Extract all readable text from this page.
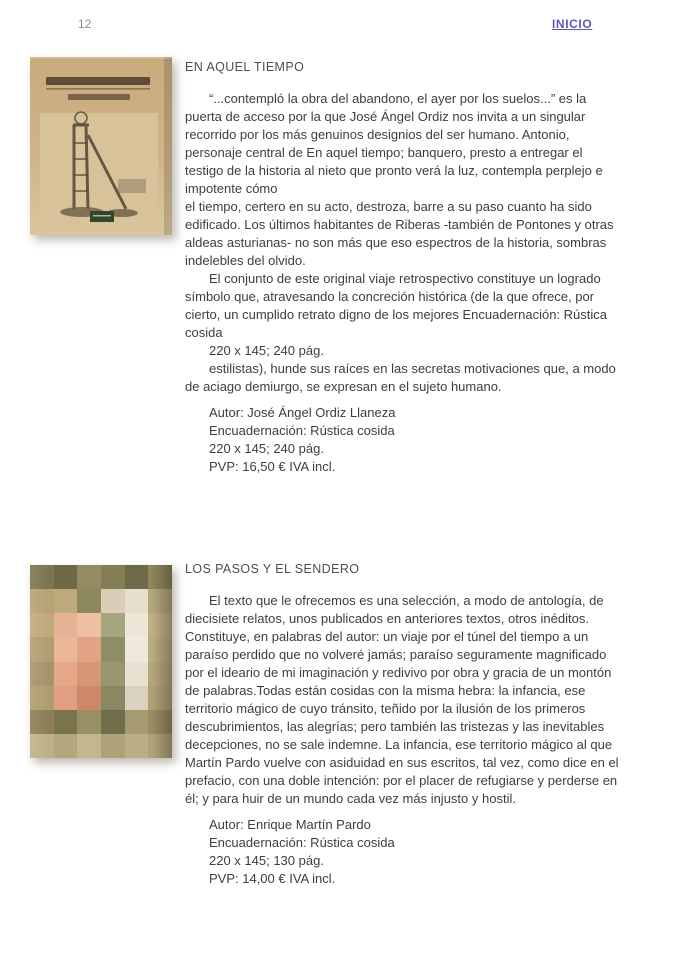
12	INICIO
EN AQUEL TIEMPO

“...contempló la obra del abandono, el ayer por los suelos...” es la puerta de acceso por la que José Ángel Ordiz nos invita a un singular recorrido por los más genuinos designios del ser humano. Antonio, personaje central de En aquel tiempo; banquero, presto a entregar el testigo de la historia al nieto que pronto verá la luz, contempla perplejo e impotente cómo

el tiempo, certero en su acto, destroza, barre a su paso cuanto ha sido edificado. Los últimos habitantes de Riberas -también de Pontones y otras aldeas asturianas- no son más que eso espectros de la historia, sombras indelebles del olvido.

El conjunto de este original viaje retrospectivo constituye un logrado símbolo que, atravesando la concreción histórica (de la que ofrece, por cierto, un cumplido retrato digno de los mejores Encuadernación: Rústica cosida

220 x 145; 240 pág.

estilistas), hunde sus raíces en las secretas motivaciones que, a modo de aciago demiurgo, se expresan en el sujeto humano.

Autor: José Ángel Ordiz Llaneza
Encuadernación: Rústica cosida
220 x 145; 240 pág.
PVP: 16,50 € IVA incl.
LOS PASOS Y EL SENDERO

El texto que le ofrecemos es una selección, a modo de antología, de diecisiete relatos, unos publicados en anteriores textos, otros inéditos. Constituye, en palabras del autor: un viaje por el túnel del tiempo a un paraíso perdido que no volveré jamás; paraíso seguramente magnificado por el ideario de mi imaginación y redivivo por obra y gracia de un montón de palabras.Todas están cosidas con la misma hebra: la infancia, ese territorio mágico de cuyo tránsito, teñido por la ilusión de los primeros descubrimientos, las alegrías; pero también las tristezas y las inevitables decepciones, no se sale indemne. La infancia, ese territorio mágico al que Martín Pardo vuelve con asiduidad en sus escritos, tal vez, como dice en el prefacio, con una doble intención: por el placer de refugiarse y perderse en él; y para huir de un mundo cada vez más injusto y hostil.

Autor: Enrique Martín Pardo
Encuadernación: Rústica cosida
220 x 145; 130 pág.
PVP: 14,00 € IVA incl.
